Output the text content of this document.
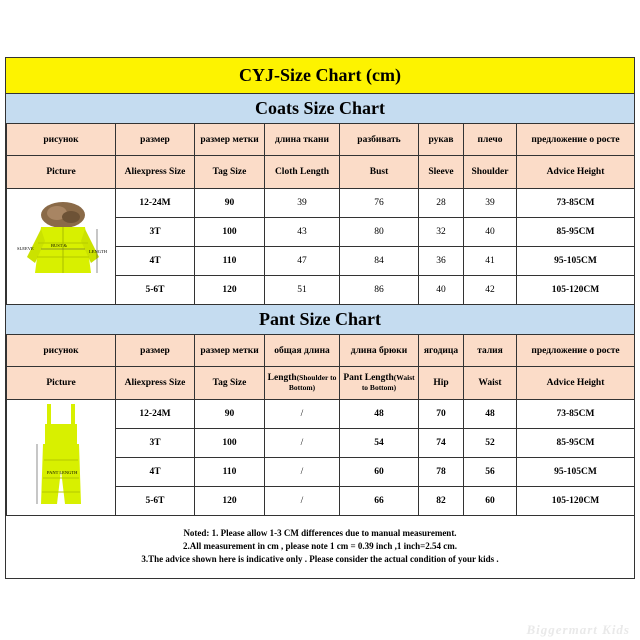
CYJ-Size Chart (cm)
Coats Size Chart
рисунок	размер	размер метки	длина ткани	разбивать	рукав	плечо	предложение о росте
Picture	Aliexpress Size	Tag Size	Cloth Length	Bust	Sleeve	Shoulder	Advice Height

BUST &
SLEEVE
LENGTH	12-24M	90	39	76	28	39	73-85CM
	3T	100	43	80	32	40	85-95CM
	4T	110	47	84	36	41	95-105CM
	5-6T	120	51	86	40	42	105-120CM
Pant Size Chart
рисунок	размер	размер метки	общая длина	длина брюки	ягодица	талия	предложение о росте
Picture	Aliexpress Size	Tag Size	Length(Shoulder to Bottom)	Pant Length(Waist to Bottom)	Hip	Waist	Advice Height

PANT LENGTH	12-24M	90	/	48	70	48	73-85CM
	3T	100	/	54	74	52	85-95CM
	4T	110	/	60	78	56	95-105CM
	5-6T	120	/	66	82	60	105-120CM
Noted: 1. Please allow 1-3 CM differences due to manual measurement.
2.All measurement in cm , please note 1 cm = 0.39 inch ,1 inch=2.54 cm.
3.The advice shown here is indicative only . Please consider the actual condition of your kids .
Biggermart Kids
